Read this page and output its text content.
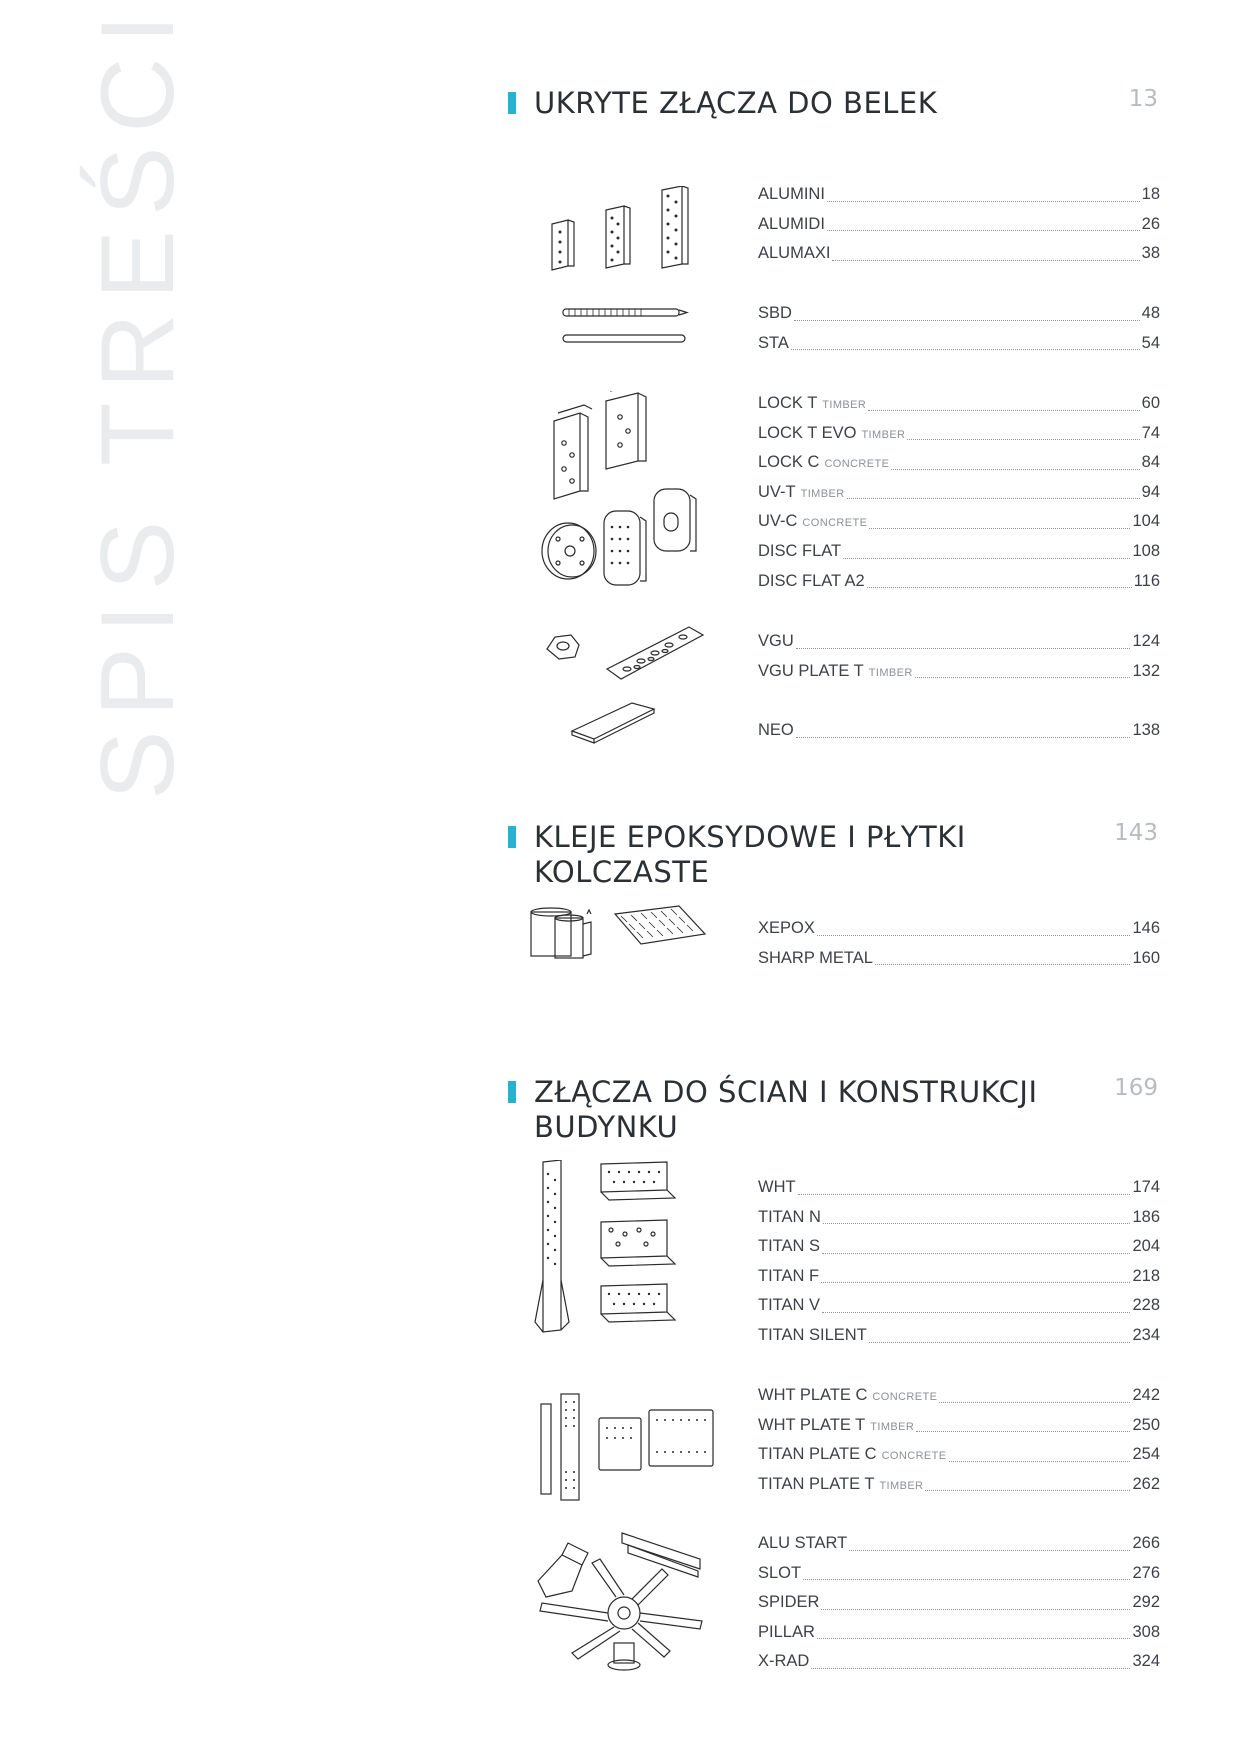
SPIS TREŚCI	UKRYTE ZŁĄCZA DO BELEK	13
ALUMINI	18
ALUMIDI	26
ALUMAXI	38
SBD	48
STA	54
LOCK T TIMBER	60
LOCK T EVO TIMBER	74
LOCK C CONCRETE	84
UV-T TIMBER	94
UV-C CONCRETE	104
DISC FLAT	108
DISC FLAT A2	116
VGU	124
VGU PLATE T TIMBER	132
NEO	138
KLEJE EPOKSYDOWE I PŁYTKI KOLCZASTE
143
XEPOX	146
SHARP METAL	160
ZŁĄCZA DO ŚCIAN I KONSTRUKCJI BUDYNKU
169
WHT	174
TITAN N	186
TITAN S	204
TITAN F	218
TITAN V	228
TITAN SILENT	234
WHT PLATE C CONCRETE	242
WHT PLATE T TIMBER	250
TITAN PLATE C CONCRETE	254
TITAN PLATE T TIMBER	262
ALU START	266
SLOT	276
SPIDER	292
PILLAR	308
X-RAD	324
